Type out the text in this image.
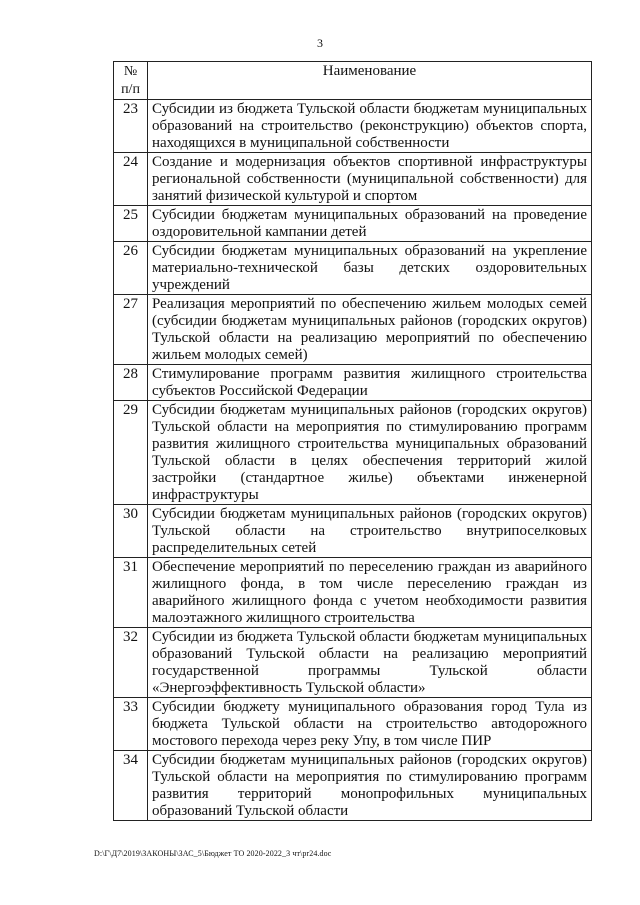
3
№ п/п	Наименование
23	Субсидии из бюджета Тульской области бюджетам муниципальных образований на строительство (реконструкцию) объектов спорта, находящихся в муниципальной собственности
24	Создание и модернизация объектов спортивной инфраструктуры региональной собственности (муниципальной собственности) для занятий физической культурой и спортом
25	Субсидии бюджетам муниципальных образований на проведение оздоровительной кампании детей
26	Субсидии бюджетам муниципальных образований на укрепление материально-технической базы детских оздоровительных учреждений
27	Реализация мероприятий по обеспечению жильем молодых семей (субсидии бюджетам муниципальных районов (городских округов) Тульской области на реализацию мероприятий по обеспечению жильем молодых семей)
28	Стимулирование программ развития жилищного строительства субъектов Российской Федерации
29	Субсидии бюджетам муниципальных районов (городских округов) Тульской области на мероприятия по стимулированию программ развития жилищного строительства муниципальных образований Тульской области в целях обеспечения территорий жилой застройки (стандартное жилье) объектами инженерной инфраструктуры
30	Субсидии бюджетам муниципальных районов (городских округов) Тульской области на строительство внутрипоселковых распределительных сетей
31	Обеспечение мероприятий по переселению граждан из аварийного жилищного фонда, в том числе переселению граждан из аварийного жилищного фонда с учетом необходимости развития малоэтажного жилищного строительства
32	Субсидии из бюджета Тульской области бюджетам муниципальных образований Тульской области на реализацию мероприятий государственной программы Тульской области «Энергоэффективность Тульской области»
33	Субсидии бюджету муниципального образования город Тула из бюджета Тульской области на строительство автодорожного мостового перехода через реку Упу, в том числе ПИР
34	Субсидии бюджетам муниципальных районов (городских округов) Тульской области на мероприятия по стимулированию программ развития территорий монопрофильных муниципальных образований Тульской области
D:\Г\Д7\2019\ЗАКОНЫ\ЗАС_5\Бюджет ТО 2020-2022_3 чт\pr24.doc
